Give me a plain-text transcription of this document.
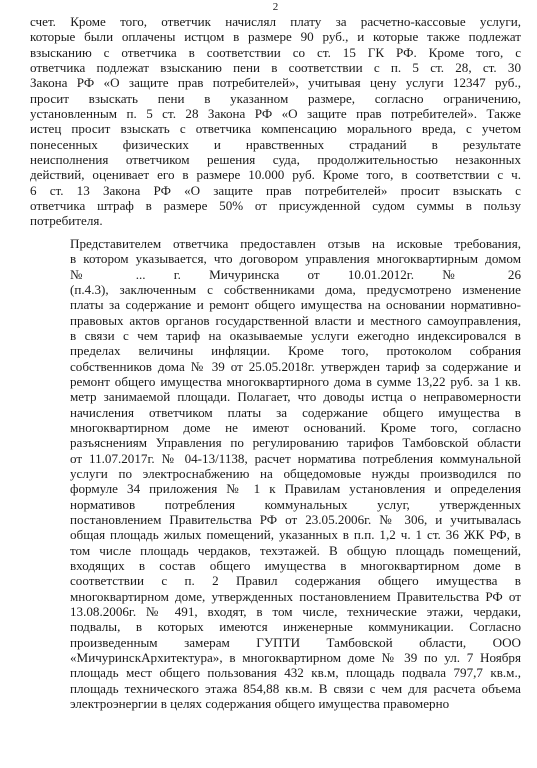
2
счет. Кроме того, ответчик начислял плату за расчетно-кассовые услуги,
которые были оплачены истцом в размере 90 руб., и которые также подлежат
взысканию с ответчика в соответствии со ст. 15 ГК РФ. Кроме того, с
ответчика подлежат взысканию пени в соответствии с п. 5 ст. 28, ст. 30
Закона РФ «О защите прав потребителей», учитывая цену услуги 12347 руб.,
просит взыскать пени в указанном размере, согласно ограничению,
установленным п. 5 ст. 28 Закона РФ «О защите прав потребителей». Также
истец просит взыскать с ответчика компенсацию морального вреда, с учетом
понесенных физических и нравственных страданий в результате
неисполнения ответчиком решения суда, продолжительностью незаконных
действий, оценивает его в размере 10.000 руб. Кроме того, в соответствии с ч.
6 ст. 13 Закона РФ «О защите прав потребителей» просит взыскать с
ответчика штраф в размере 50% от присужденной судом суммы в пользу
потребителя.
Представителем ответчика предоставлен отзыв на исковые требования,
в котором указывается, что договором управления многоквартирным домом
№ ... г. Мичуринска от 10.01.2012г. № 26
(п.4.3), заключенным с собственниками дома, предусмотрено изменение
платы за содержание и ремонт общего имущества на основании нормативно-
правовых актов органов государственной власти и местного самоуправления,
в связи с чем тариф на оказываемые услуги ежегодно индексировался в
пределах величины инфляции. Кроме того, протоколом собрания
собственников дома № 39 от 25.05.2018г. утвержден тариф за содержание и
ремонт общего имущества многоквартирного дома в сумме 13,22 руб. за 1 кв.
метр занимаемой площади. Полагает, что доводы истца о неправомерности
начисления ответчиком платы за содержание общего имущества в
многоквартирном доме не имеют оснований. Кроме того, согласно
разъяснениям Управления по регулированию тарифов Тамбовской области
от 11.07.2017г. № 04-13/1138, расчет норматива потребления коммунальной
услуги по электроснабжению на общедомовые нужды производился по
формуле 34 приложения № 1 к Правилам установления и определения
нормативов потребления коммунальных услуг, утвержденных
постановлением Правительства РФ от 23.05.2006г. № 306, и учитывалась
общая площадь жилых помещений, указанных в п.п. 1,2 ч. 1 ст. 36 ЖК РФ, в
том числе площадь чердаков, техэтажей. В общую площадь помещений,
входящих в состав общего имущества в многоквартирном доме в
соответствии с п. 2 Правил содержания общего имущества в
многоквартирном доме, утвержденных постановлением Правительства РФ от
13.08.2006г. № 491, входят, в том числе, технические этажи, чердаки,
подвалы, в которых имеются инженерные коммуникации. Согласно
произведенным замерам ГУПТИ Тамбовской области, ООО
«МичуринскАрхитектура», в многоквартирном доме № 39 по ул. 7 Ноября
площадь мест общего пользования 432 кв.м, площадь подвала 797,7 кв.м.,
площадь технического этажа 854,88 кв.м. В связи с чем для расчета объема
электроэнергии в целях содержания общего имущества правомерно
